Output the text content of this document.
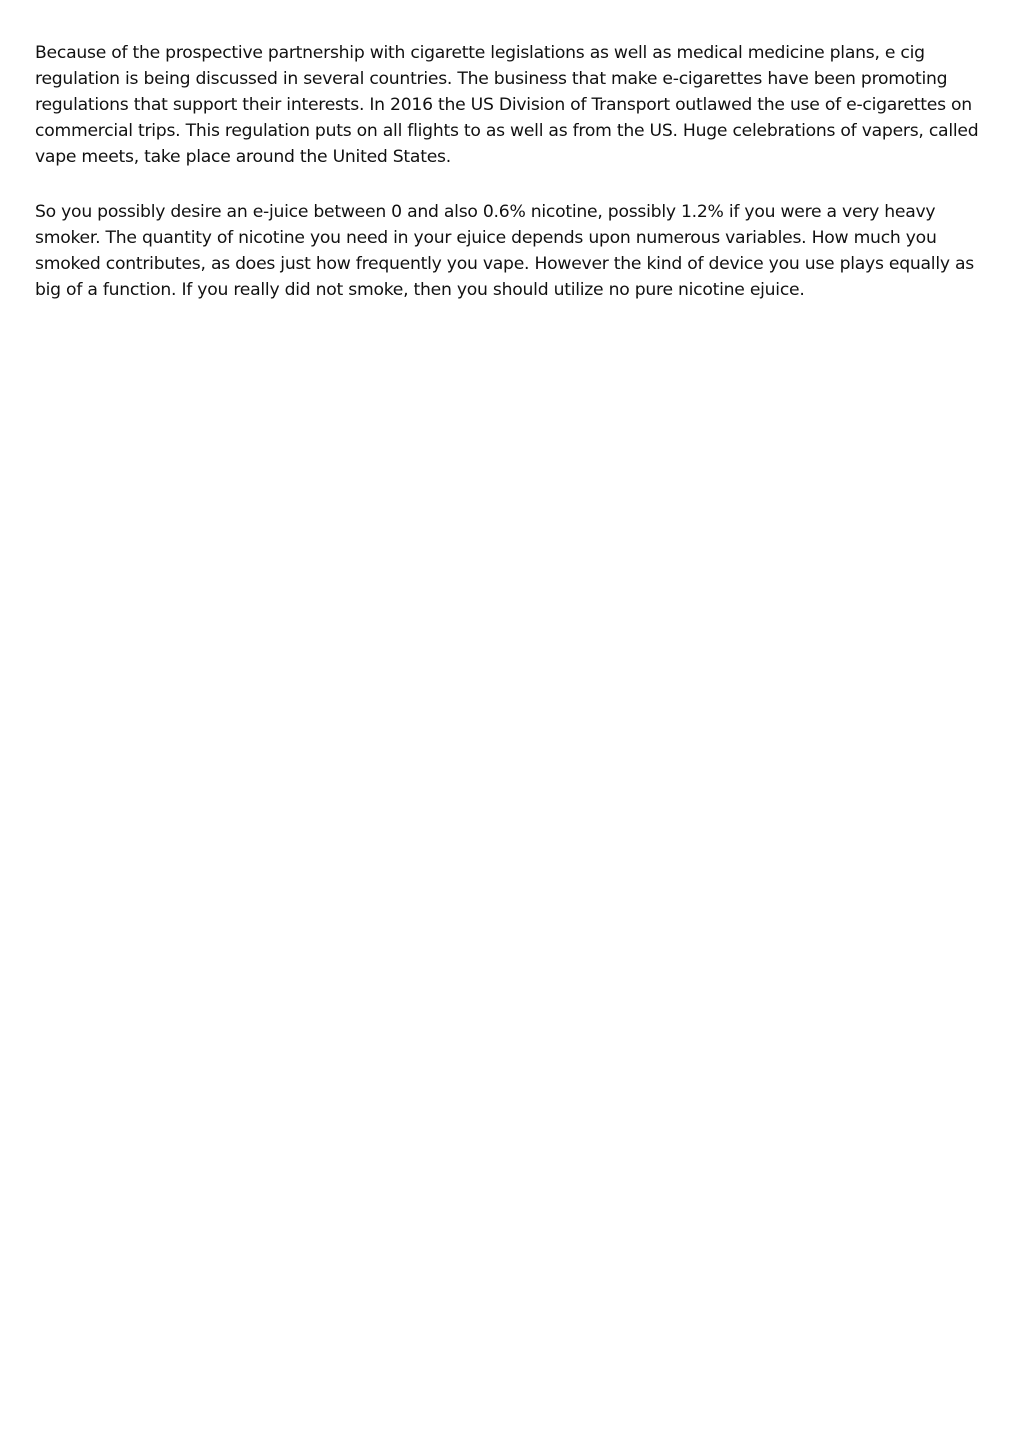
Because of the prospective partnership with cigarette legislations as well as medical medicine plans, e cig regulation is being discussed in several countries. The business that make e-cigarettes have been promoting regulations that support their interests. In 2016 the US Division of Transport outlawed the use of e-cigarettes on commercial trips. This regulation puts on all flights to as well as from the US. Huge celebrations of vapers, called vape meets, take place around the United States.

So you possibly desire an e-juice between 0 and also 0.6% nicotine, possibly 1.2% if you were a very heavy smoker. The quantity of nicotine you need in your ejuice depends upon numerous variables. How much you smoked contributes, as does just how frequently you vape. However the kind of device you use plays equally as big of a function. If you really did not smoke, then you should utilize no pure nicotine ejuice.
